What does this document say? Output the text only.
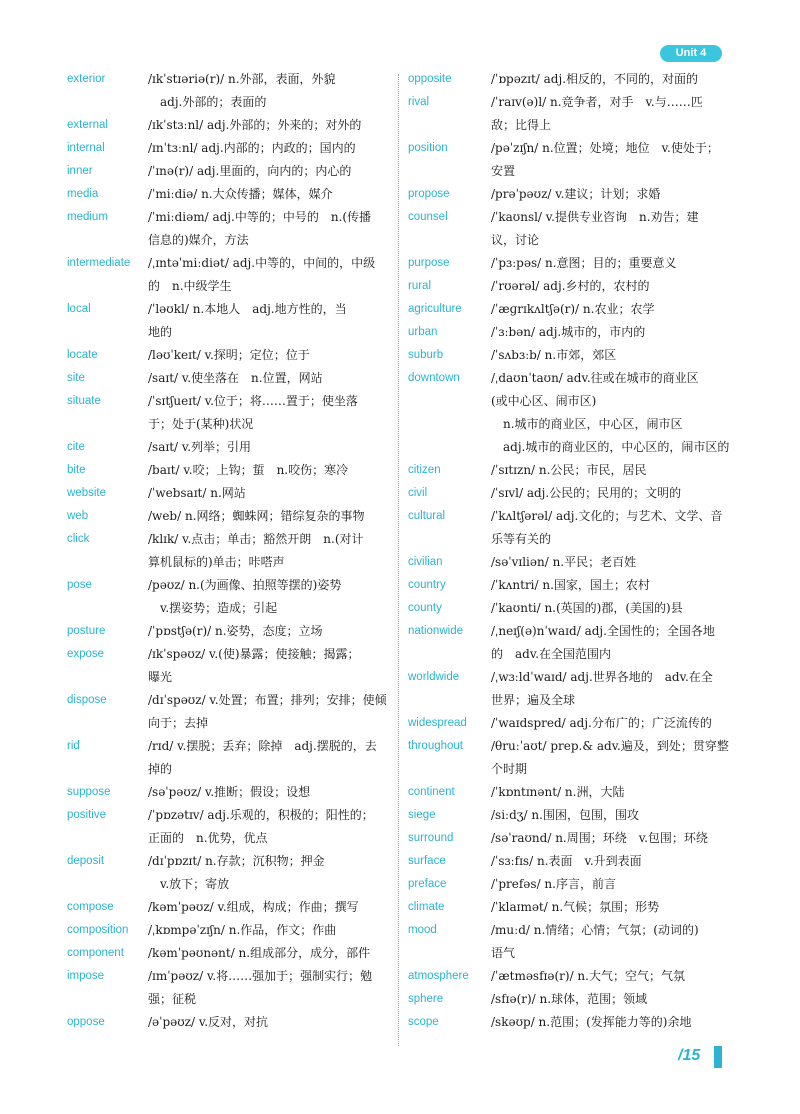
Unit 4
exterior	/ɪkˈstɪəriə(r)/ n.外部，表面，外貌
adj.外部的；表面的
external	/ɪkˈstɜːnl/ adj.外部的；外来的；对外的
internal	/ɪnˈtɜːnl/ adj.内部的；内政的；国内的
inner	/ˈɪnə(r)/ adj.里面的，向内的；内心的
media	/ˈmiːdiə/ n.大众传播；媒体，媒介
medium	/ˈmiːdiəm/ adj.中等的；中号的　n.(传播
信息的)媒介，方法
intermediate	/ˌɪntəˈmiːdiət/ adj.中等的，中间的，中级
的　n.中级学生
local	/ˈləʊkl/ n.本地人　adj.地方性的，当
地的
locate	/ləʊˈkeɪt/ v.探明；定位；位于
site	/saɪt/ v.使坐落在　n.位置，网站
situate	/ˈsɪtʃueɪt/ v.位于；将……置于；使坐落
于；处于(某种)状况
cite	/saɪt/ v.列举；引用
bite	/baɪt/ v.咬；上钩；蜇　n.咬伤；寒冷
website	/ˈwebsaɪt/ n.网站
web	/web/ n.网络；蜘蛛网；错综复杂的事物
click	/klɪk/ v.点击；单击；豁然开朗　n.(对计
算机鼠标的)单击；咔嗒声
pose	/pəʊz/ n.(为画像、拍照等摆的)姿势
v.摆姿势；造成；引起
posture	/ˈpɒstʃə(r)/ n.姿势，态度；立场
expose	/ɪkˈspəʊz/ v.(使)暴露；使接触；揭露；
曝光
dispose	/dɪˈspəʊz/ v.处置；布置；排列；安排；使倾
向于；去掉
rid	/rɪd/ v.摆脱；丢弃；除掉　adj.摆脱的，去
掉的
suppose	/səˈpəʊz/ v.推断；假设；设想
positive	/ˈpɒzətɪv/ adj.乐观的，积极的；阳性的；
正面的　n.优势，优点
deposit	/dɪˈpɒzɪt/ n.存款；沉积物；押金
v.放下；寄放
compose	/kəmˈpəʊz/ v.组成，构成；作曲；撰写
composition	/ˌkɒmpəˈzɪʃn/ n.作品，作文；作曲
component	/kəmˈpəʊnənt/ n.组成部分，成分，部件
impose	/ɪmˈpəʊz/ v.将……强加于；强制实行；勉
强；征税
oppose	/əˈpəʊz/ v.反对，对抗
opposite	/ˈɒpəzɪt/ adj.相反的，不同的，对面的
rival	/ˈraɪv(ə)l/ n.竞争者，对手　v.与……匹
敌；比得上
position	/pəˈzɪʃn/ n.位置；处境；地位　v.使处于；
安置
propose	/prəˈpəʊz/ v.建议；计划；求婚
counsel	/ˈkaʊnsl/ v.提供专业咨询　n.劝告；建
议，讨论
purpose	/ˈpɜːpəs/ n.意图；目的；重要意义
rural	/ˈrʊərəl/ adj.乡村的，农村的
agriculture	/ˈæɡrɪkʌltʃə(r)/ n.农业；农学
urban	/ˈɜːbən/ adj.城市的，市内的
suburb	/ˈsʌbɜːb/ n.市郊，郊区
downtown	/ˌdaʊnˈtaʊn/ adv.往或在城市的商业区
(或中心区、闹市区)
n.城市的商业区，中心区，闹市区
adj.城市的商业区的，中心区的，闹市区的
citizen	/ˈsɪtɪzn/ n.公民；市民，居民
civil	/ˈsɪvl/ adj.公民的；民用的；文明的
cultural	/ˈkʌltʃərəl/ adj.文化的；与艺术、文学、音
乐等有关的
civilian	/səˈvɪliən/ n.平民；老百姓
country	/ˈkʌntri/ n.国家，国土；农村
county	/ˈkaʊnti/ n.(英国的)郡，(美国的)县
nationwide	/ˌneɪʃ(ə)nˈwaɪd/ adj.全国性的；全国各地
的　adv.在全国范围内
worldwide	/ˌwɜːldˈwaɪd/ adj.世界各地的　adv.在全
世界；遍及全球
widespread	/ˈwaɪdspred/ adj.分布广的；广泛流传的
throughout	/θruːˈaʊt/ prep.& adv.遍及，到处；贯穿整
个时期
continent	/ˈkɒntɪnənt/ n.洲，大陆
siege	/siːdʒ/ n.围困，包围，围攻
surround	/səˈraʊnd/ n.周围；环绕　v.包围；环绕
surface	/ˈsɜːfɪs/ n.表面　v.升到表面
preface	/ˈprefəs/ n.序言，前言
climate	/ˈklaɪmət/ n.气候；氛围；形势
mood	/muːd/ n.情绪；心情；气氛；(动词的)
语气
atmosphere	/ˈætməsfɪə(r)/ n.大气；空气；气氛
sphere	/sfɪə(r)/ n.球体，范围；领域
scope	/skəʊp/ n.范围；(发挥能力等的)余地
/15
